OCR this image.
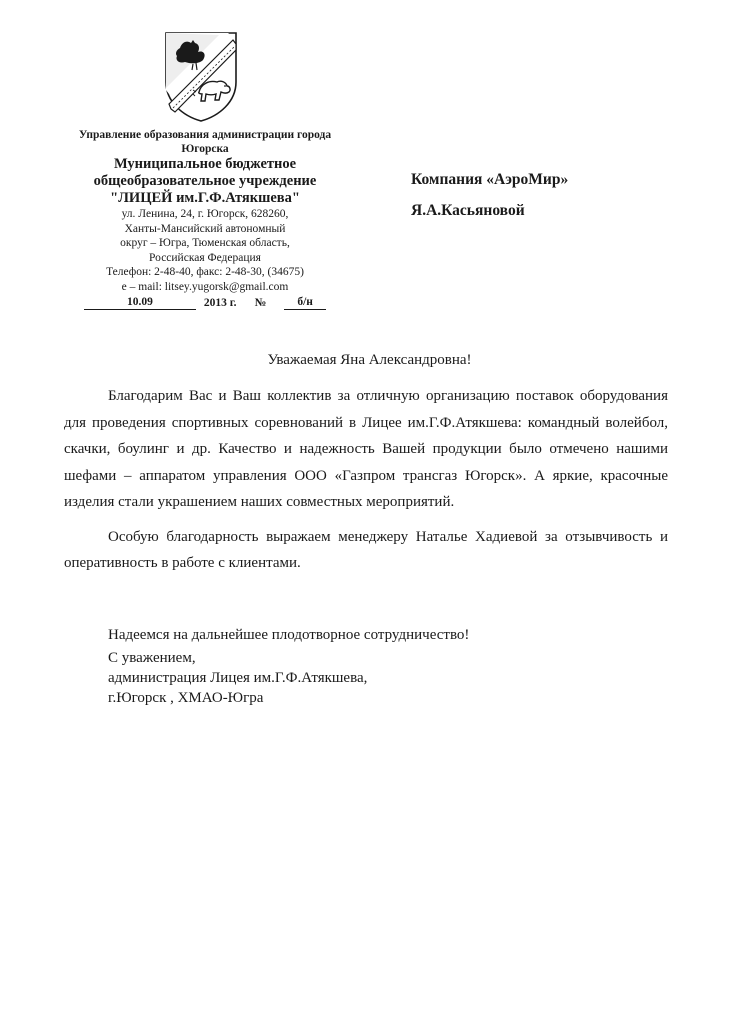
Управление образования администрации города Югорска
Муниципальное бюджетное
общеобразовательное учреждение
"ЛИЦЕЙ им.Г.Ф.Атякшева"
ул. Ленина, 24, г. Югорск, 628260,
Ханты-Мансийский автономный
округ – Югра, Тюменская область,
Российская Федерация
Телефон: 2-48-40, факс: 2-48-30, (34675)
e – mail: litsey.yugorsk@gmail.com
10.09	2013 г.	№	б/н
Компания «АэроМир»
Я.А.Касьяновой
Уважаемая Яна Александровна!

Благодарим Вас и Ваш коллектив за отличную организацию поставок оборудования для проведения спортивных соревнований в Лицее им.Г.Ф.Атякшева: командный волейбол, скачки, боулинг и др. Качество и надежность Вашей продукции было отмечено нашими шефами – аппаратом управления ООО «Газпром трансгаз Югорск». А яркие, красочные изделия стали украшением наших совместных мероприятий.

Особую благодарность выражаем менеджеру Наталье Хадиевой за отзывчивость и оперативность в работе с клиентами.

Надеемся на дальнейшее плодотворное сотрудничество!
С уважением,
администрация Лицея им.Г.Ф.Атякшева,
г.Югорск , ХМАО-Югра
